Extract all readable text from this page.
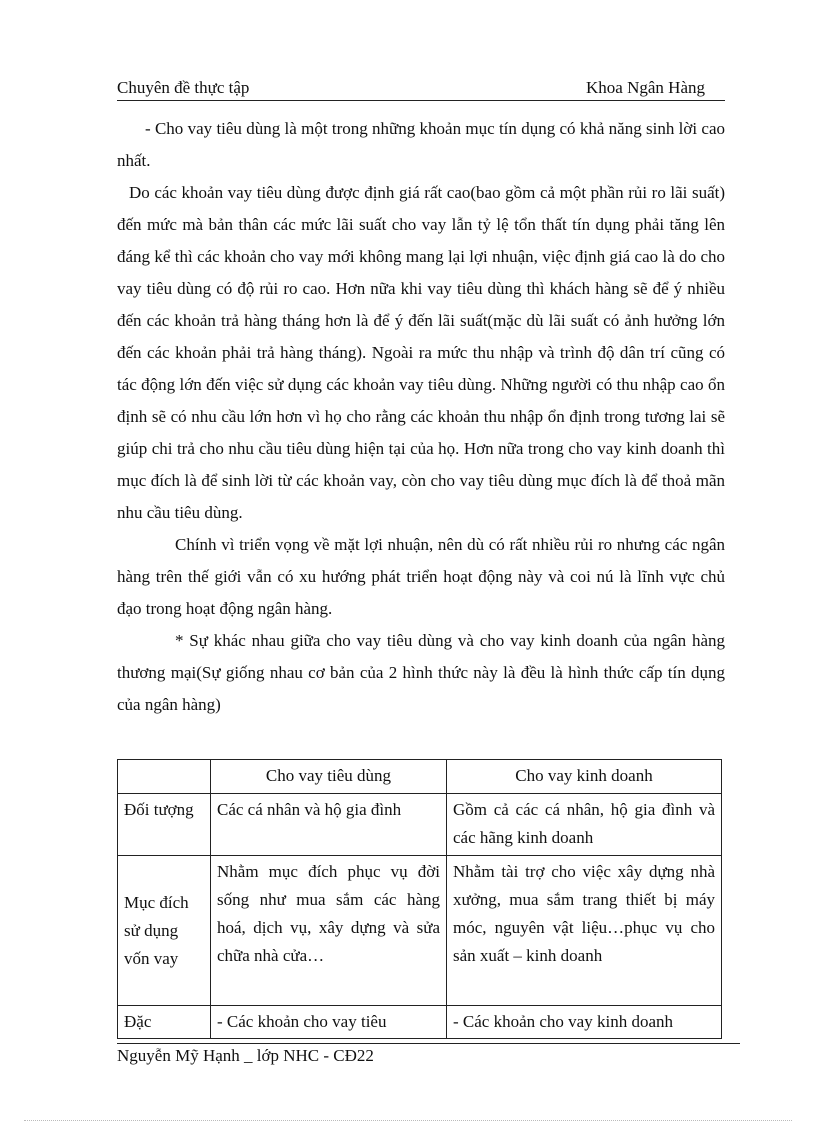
Chuyên đề thực tập	Khoa Ngân Hàng

- Cho vay tiêu dùng là một trong những khoản mục tín dụng có khả năng sinh lời cao nhất.

Do các khoản vay tiêu dùng được định giá rất cao(bao gồm cả một phần rủi ro lãi suất) đến mức mà bản thân các mức lãi suất cho vay lẫn tỷ lệ tổn thất tín dụng phải tăng lên đáng kể thì các khoản cho vay mới không mang lại lợi nhuận, việc định giá cao là do cho vay tiêu dùng có độ rủi ro cao. Hơn nữa khi vay tiêu dùng thì khách hàng sẽ để ý nhiều đến các khoản trả hàng tháng hơn là để ý đến lãi suất(mặc dù lãi suất có ảnh hưởng lớn đến các khoản phải trả hàng tháng). Ngoài ra mức thu nhập và trình độ dân trí cũng có tác động lớn đến việc sử dụng các khoản vay tiêu dùng. Những người có thu nhập cao ổn định sẽ có nhu cầu lớn hơn vì họ cho rằng các khoản thu nhập ổn định trong tương lai sẽ giúp chi trả cho nhu cầu tiêu dùng hiện tại của họ. Hơn nữa trong cho vay kinh doanh thì mục đích là để sinh lời từ các khoản vay, còn cho vay tiêu dùng mục đích là để thoả mãn nhu cầu tiêu dùng.

Chính vì triển vọng về mặt lợi nhuận, nên dù có rất nhiều rủi ro nhưng các ngân hàng trên thế giới vẫn có xu hướng phát triển hoạt động này và coi nú là lĩnh vực chủ đạo trong hoạt động ngân hàng.

* Sự khác nhau giữa cho vay tiêu dùng và cho vay kinh doanh của ngân hàng thương mại(Sự giống nhau cơ bản của 2 hình thức này là đều là hình thức cấp tín dụng của ngân hàng)

	Cho vay tiêu dùng	Cho vay kinh doanh
Đối tượng	Các cá nhân và hộ gia đình	Gồm cả các cá nhân, hộ gia đình và các hãng kinh doanh
Mục đích sử dụng vốn vay	Nhằm mục đích phục vụ đời sống như mua sắm các hàng hoá, dịch vụ, xây dựng và sửa chữa nhà cửa…	Nhằm tài trợ cho việc xây dựng nhà xưởng, mua sắm trang thiết bị máy móc, nguyên vật liệu…phục vụ cho sản xuất – kinh doanh
Đặc	- Các khoản cho vay tiêu	- Các khoản cho vay kinh doanh
Nguyễn Mỹ Hạnh _ lớp NHC - CĐ22
